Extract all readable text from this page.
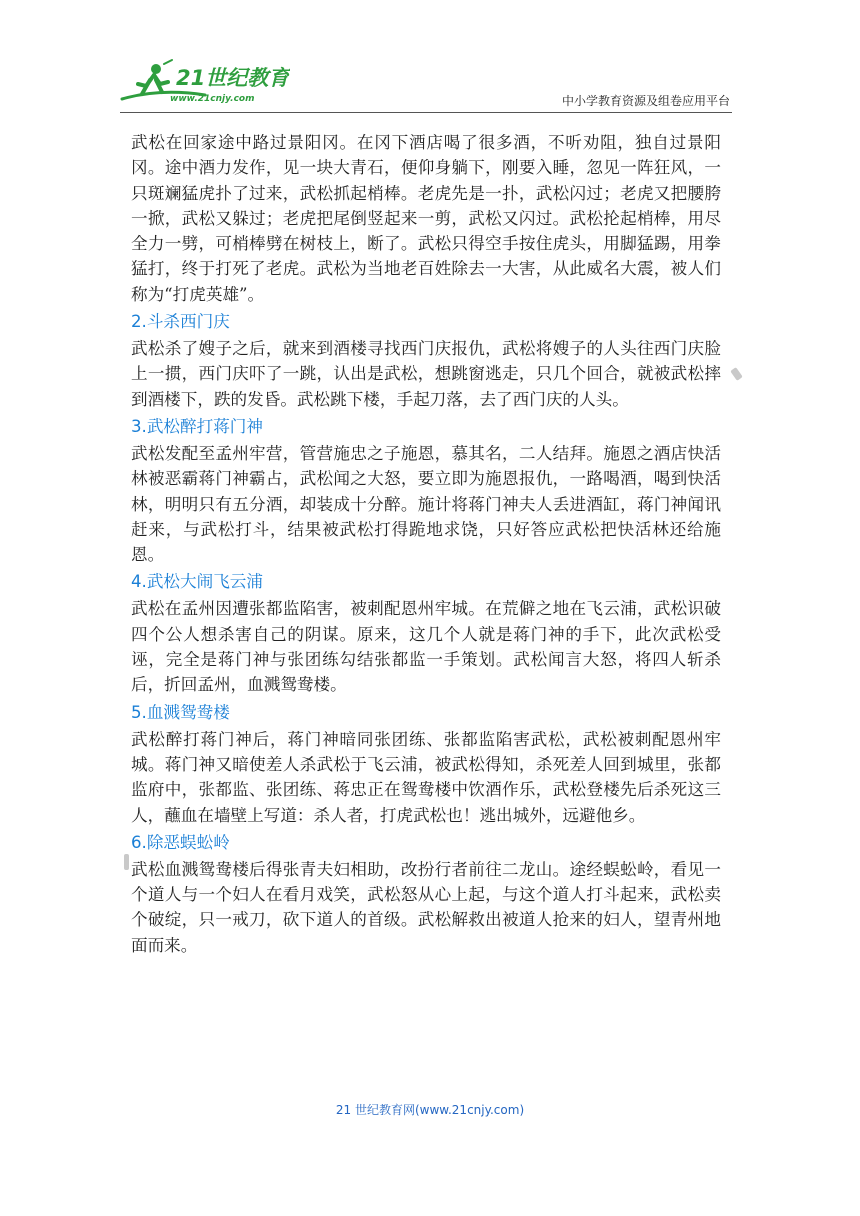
21世纪教育
www.21cnjy.com	中小学教育资源及组卷应用平台

武松在回家途中路过景阳冈。在冈下酒店喝了很多酒，不听劝阻，独自过景阳冈。途中酒力发作，见一块大青石，便仰身躺下，刚要入睡，忽见一阵狂风，一只斑斓猛虎扑了过来，武松抓起梢棒。老虎先是一扑，武松闪过；老虎又把腰胯一掀，武松又躲过；老虎把尾倒竖起来一剪，武松又闪过。武松抡起梢棒，用尽全力一劈，可梢棒劈在树枝上，断了。武松只得空手按住虎头，用脚猛踢，用拳猛打，终于打死了老虎。武松为当地老百姓除去一大害，从此威名大震，被人们称为“打虎英雄”。

2.斗杀西门庆

武松杀了嫂子之后，就来到酒楼寻找西门庆报仇，武松将嫂子的人头往西门庆脸上一掼，西门庆吓了一跳，认出是武松，想跳窗逃走，只几个回合，就被武松摔到酒楼下，跌的发昏。武松跳下楼，手起刀落，去了西门庆的人头。

3.武松醉打蒋门神

武松发配至孟州牢营，管营施忠之子施恩，慕其名，二人结拜。施恩之酒店快活林被恶霸蒋门神霸占，武松闻之大怒，要立即为施恩报仇，一路喝酒，喝到快活林，明明只有五分酒，却装成十分醉。施计将蒋门神夫人丢进酒缸，蒋门神闻讯赶来，与武松打斗，结果被武松打得跪地求饶，只好答应武松把快活林还给施恩。

4.武松大闹飞云浦

武松在孟州因遭张都监陷害，被刺配恩州牢城。在荒僻之地在飞云浦，武松识破四个公人想杀害自己的阴谋。原来，这几个人就是蒋门神的手下，此次武松受诬，完全是蒋门神与张团练勾结张都监一手策划。武松闻言大怒，将四人斩杀后，折回孟州，血溅鸳鸯楼。

5.血溅鸳鸯楼

武松醉打蒋门神后，蒋门神暗同张团练、张都监陷害武松，武松被刺配恩州牢城。蒋门神又暗使差人杀武松于飞云浦，被武松得知，杀死差人回到城里，张都监府中，张都监、张团练、蒋忠正在鸳鸯楼中饮酒作乐，武松登楼先后杀死这三人，蘸血在墙壁上写道：杀人者，打虎武松也！逃出城外，远避他乡。

6.除恶蜈蚣岭

武松血溅鸳鸯楼后得张青夫妇相助，改扮行者前往二龙山。途经蜈蚣岭，看见一个道人与一个妇人在看月戏笑，武松怒从心上起，与这个道人打斗起来，武松卖个破绽，只一戒刀，砍下道人的首级。武松解救出被道人抢来的妇人，望青州地面而来。

21 世纪教育网(www.21cnjy.com)
